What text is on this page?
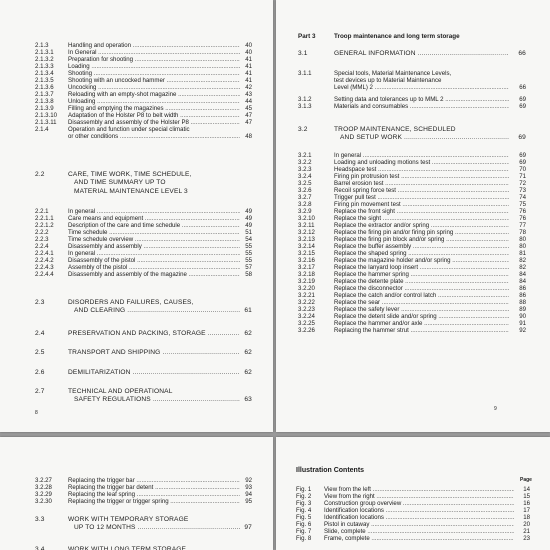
2.1.3	Handling and operation .....	40
2.1.3.1 In General .....	40
2.1.3.2 Preparation for shooting .....	41
2.1.3.3 Loading .....	41
2.1.3.4 Shooting .....	41
2.1.3.5 Shooting with an uncocked hammer .....	41
2.1.3.6 Uncocking .....	42
2.1.3.7 Reloading with an empty-shot magazine .....	43
2.1.3.8 Unloading .....	44
2.1.3.9 Filling and emptying the magazines .....	45
2.1.3.10 Adaptation of the Holster P8 to belt width .....	47
2.1.3.11 Disassembly and assembly of the Holster P8 .....	47
2.1.4	Operation and function under special climatic
or other conditions .....	48
2.2	CARE, TIME WORK, TIME SCHEDULE,
AND TIME SUMMARY UP TO
MATERIAL MAINTENANCE LEVEL 3
2.2.1	In general .....	49
2.2.1.1 Care means and equipment .....	49
2.2.1.2 Description of the care and time schedule .....	49
2.2.2	Time schedule .....	51
2.2.3	Time schedule overview .....	54
2.2.4	Disassembly and assembly .....	55
2.2.4.1 In general .....	55
2.2.4.2 Disassembly of the pistol .....	55
2.2.4.3 Assembly of the pistol .....	57
2.2.4.4 Disassembly and assembly of the magazine .....	58
2.3	DISORDERS AND FAILURES, CAUSES,
AND CLEARING .....	61
2.4	PRESERVATION AND PACKING, STORAGE .....	62
2.5	TRANSPORT AND SHIPPING .....	62
2.6	DEMILITARIZATION .....	62
2.7	TECHNICAL AND OPERATIONAL
SAFETY REGULATIONS .....	63
8
Part 3	Troop maintenance and long term storage
3.1	GENERAL INFORMATION .....	66
3.1.1	Special tools, Material Maintenance Levels,
test devices up to Material Maintenance
Level (MML) 2 .....	66
3.1.2	Setting data and tolerances up to MML 2 .....	69
3.1.3	Materials and consumables .....	69
3.2	TROOP MAINTENANCE, SCHEDULED
AND SETUP WORK .....	69
3.2.1	In general .....	69
3.2.2	Loading and unloading motions test .....	69
3.2.3	Headspace test .....	70
3.2.4	Firing pin protrusion test .....	71
3.2.5	Barrel erosion test .....	72
3.2.6	Recoil spring force test .....	73
3.2.7	Trigger pull test .....	74
3.2.8	Firing pin movement test .....	75
3.2.9	Replace the front sight .....	76
3.2.10	Replace the sight .....	76
3.2.11	Replace the extractor and/or spring .....	77
3.2.12	Replace the firing pin and/or firing pin spring .....	78
3.2.13	Replace the firing pin block and/or spring .....	80
3.2.14	Replace the buffer assembly .....	80
3.2.15	Replace the shaped spring .....	81
3.2.16	Replace the magazine holder and/or spring .....	82
3.2.17	Replace the lanyard loop insert .....	82
3.2.18	Replace the hammer spring .....	84
3.2.19	Replace the detente plate .....	84
3.2.20	Replace the disconnector .....	86
3.2.21	Replace the catch and/or control latch .....	86
3.2.22	Replace the sear .....	88
3.2.23	Replace the safety lever .....	89
3.2.24	Replace the detent slide and/or spring .....	90
3.2.25	Replace the hammer and/or axle .....	91
3.2.26	Replacing the hammer strut .....	92
9
3.2.27	Replacing the trigger bar .....	92
3.2.28	Replacing the trigger bar detent .....	93
3.2.29	Replacing the leaf spring .....	94
3.2.30	Replacing the trigger or trigger spring .....	95
3.3	WORK WITH TEMPORARY STORAGE
UP TO 12 MONTHS .....	97
3.4	WORK WITH LONG TERM STORAGE
Illustration Contents
Page
Fig. 1 View from the left .....	14
Fig. 2 View from the right .....	15
Fig. 3 Construction group overview .....	16
Fig. 4 Identification locations .....	17
Fig. 5 Identification locations .....	18
Fig. 6 Pistol in cutaway .....	20
Fig. 7 Slide, complete .....	21
Fig. 8 Frame, complete .....	23
